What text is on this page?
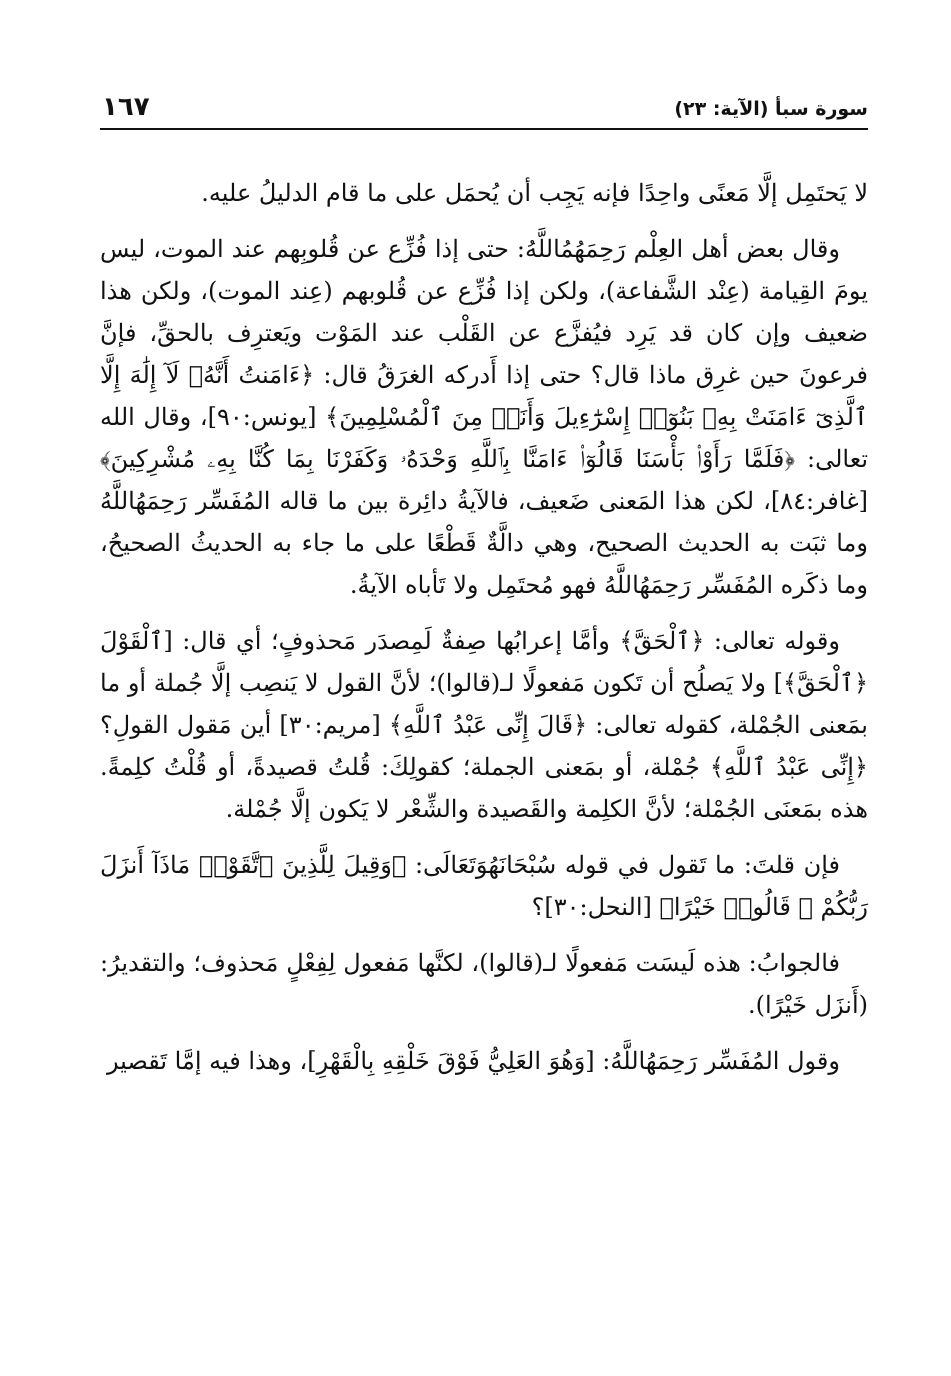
سورة سبأ (الآية: ٢٣)
١٦٧

لا يَحتَمِل إلَّا مَعنًى واحِدًا فإنه يَجِب أن يُحمَل على ما قام الدليلُ عليه.

وقال بعض أهل العِلْم رَحِمَهُمُاللَّهُ: حتى إذا فُزِّع عن قُلوبِهم عند الموت، ليس يومَ القِيامة (عِنْد الشَّفاعة)، ولكن إذا فُزِّع عن قُلوبهم (عِند الموت)، ولكن هذا ضعيف وإن كان قد يَرِد فيُفزَّع عن القَلْب عند المَوْت ويَعترِف بالحقِّ، فإنَّ فرعونَ حين غرِق ماذا قال؟ حتى إذا أَدركه الغرَقُ قال: ﴿ءَامَنتُ أَنَّهُۥ لَآ إِلَٰهَ إِلَّا ٱلَّذِىٓ ءَامَنَتْ بِهِۦ بَنُوٓا۟ إِسْرَٰٓءِيلَ وَأَنَا۠ مِنَ ٱلْمُسْلِمِينَ﴾ [يونس:٩٠]، وقال الله تعالى: ﴿فَلَمَّا رَأَوْا۟ بَأْسَنَا قَالُوٓا۟ ءَامَنَّا بِٱللَّهِ وَحْدَهُۥ وَكَفَرْنَا بِمَا كُنَّا بِهِۦ مُشْرِكِينَ﴾ [غافر:٨٤]، لكن هذا المَعنى ضَعيف، فالآيةُ دائِرة بين ما قاله المُفَسِّر رَحِمَهُاللَّهُ وما ثبَت به الحديث الصحيح، وهي دالَّةٌ قَطْعًا على ما جاء به الحديثُ الصحيحُ، وما ذكَره المُفَسِّر رَحِمَهُاللَّهُ فهو مُحتَمِل ولا تَأباه الآيةُ.

وقوله تعالى: ﴿ٱلْحَقَّ﴾ وأمَّا إعرابُها صِفةٌ لَمِصدَر مَحذوفٍ؛ أي قال: [ٱلْقَوْلَ ﴿ٱلْحَقَّ﴾] ولا يَصلُح أن تَكون مَفعولًا لـ(قالوا)؛ لأنَّ القول لا يَنصِب إلَّا جُملة أو ما بمَعنى الجُمْلة، كقوله تعالى: ﴿قَالَ إِنِّى عَبْدُ ٱللَّهِ﴾ [مريم:٣٠] أين مَقول القولِ؟ ﴿إِنِّى عَبْدُ ٱللَّهِ﴾ جُمْلة، أو بمَعنى الجملة؛ كقولِكَ: قُلتُ قصيدةً، أو قُلْتُ كلِمةً. هذه بمَعنَى الجُمْلة؛ لأنَّ الكلِمة والقَصيدة والشِّعْر لا يَكون إلَّا جُمْلة.

فإن قلتَ: ما تَقول في قوله سُبْحَانَهُوَتَعَالَى: ﴿وَقِيلَ لِلَّذِينَ ٱتَّقَوْا۟ مَاذَآ أَنزَلَ رَبُّكُمْ ۚ قَالُوا۟ خَيْرًا﴾ [النحل:٣٠]؟

فالجوابُ: هذه لَيسَت مَفعولًا لـ(قالوا)، لكنَّها مَفعول لِفِعْلٍ مَحذوف؛ والتقديرُ: (أَنزَل خَيْرًا).

وقول المُفَسِّر رَحِمَهُاللَّهُ: [وَهُوَ العَلِيُّ فَوْقَ خَلْقِهِ بِالْقَهْرِ]، وهذا فيه إمَّا تَقصير
